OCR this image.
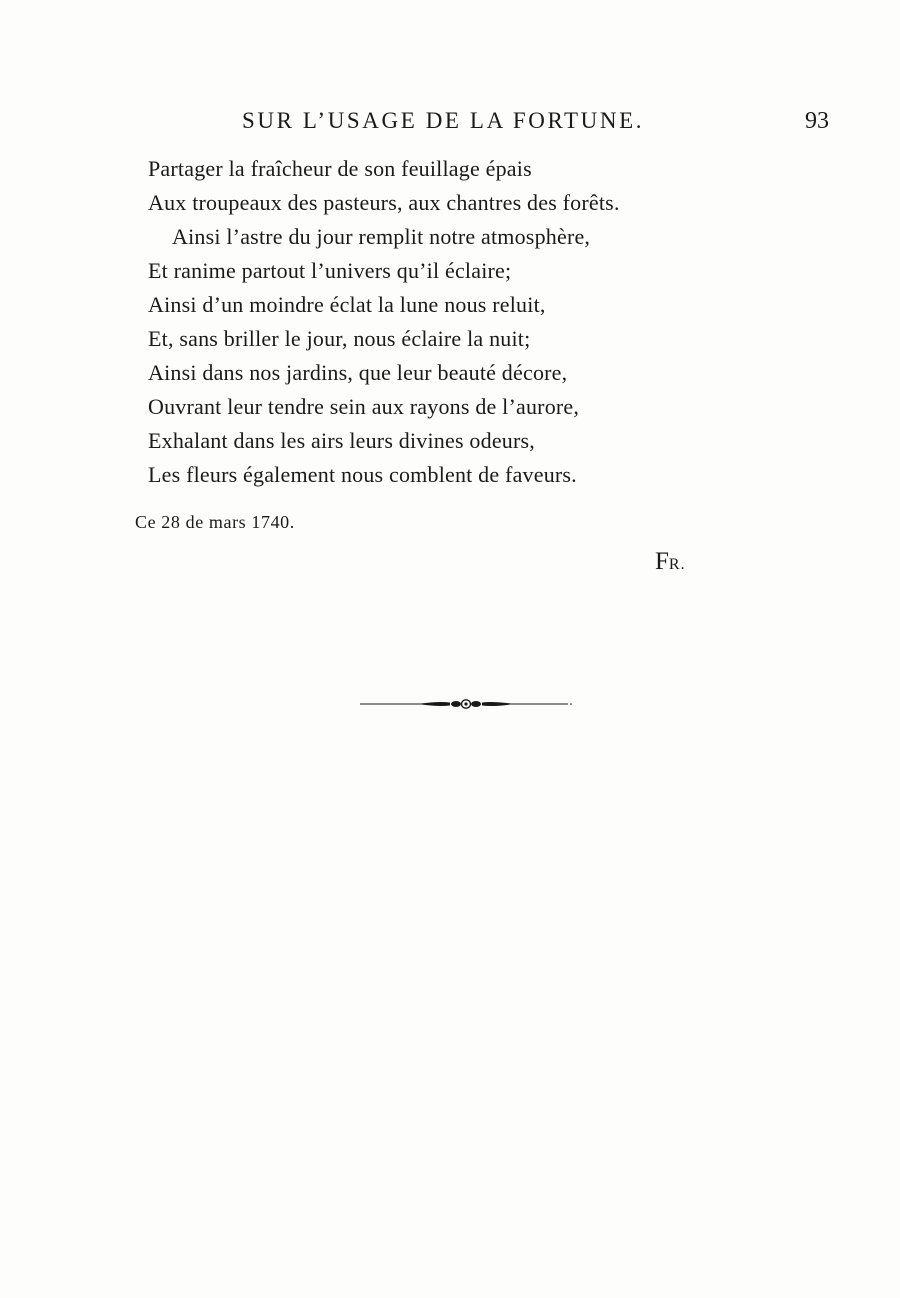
SUR L’USAGE DE LA FORTUNE.	93
Partager la fraîcheur de son feuillage épais
Aux troupeaux des pasteurs, aux chantres des forêts.
Ainsi l’astre du jour remplit notre atmosphère,
Et ranime partout l’univers qu’il éclaire;
Ainsi d’un moindre éclat la lune nous reluit,
Et, sans briller le jour, nous éclaire la nuit;
Ainsi dans nos jardins, que leur beauté décore,
Ouvrant leur tendre sein aux rayons de l’aurore,
Exhalant dans les airs leurs divines odeurs,
Les fleurs également nous comblent de faveurs.
Ce 28 de mars 1740.
FR.
